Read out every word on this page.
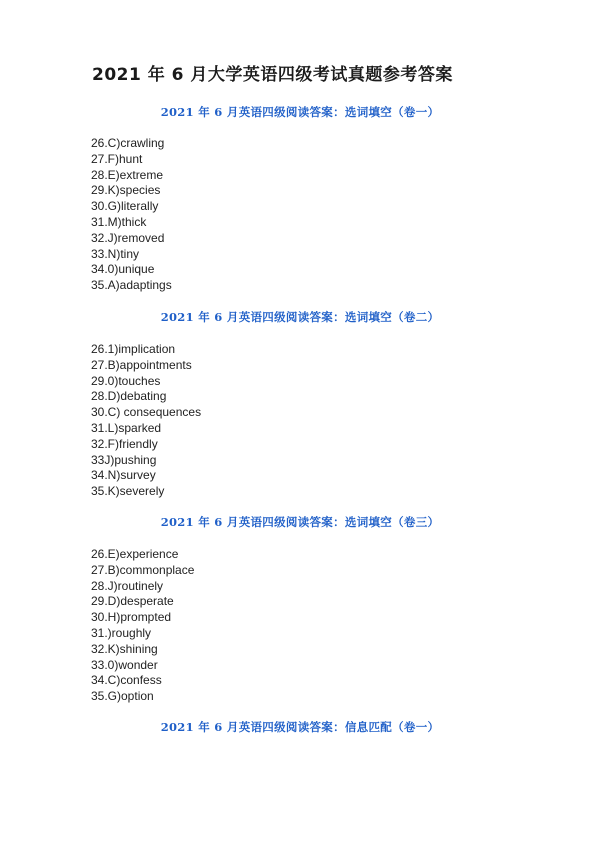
2021 年 6 月大学英语四级考试真题参考答案
2021 年 6 月英语四级阅读答案：选词填空（卷一）
26.C)crawling
27.F)hunt
28.E)extreme
29.K)species
30.G)literally
31.M)thick
32.J)removed
33.N)tiny
34.0)unique
35.A)adaptings
2021 年 6 月英语四级阅读答案：选词填空（卷二）
26.1)implication
27.B)appointments
29.0)touches
28.D)debating
30.C) consequences
31.L)sparked
32.F)friendly
33J)pushing
34.N)survey
35.K)severely
2021 年 6 月英语四级阅读答案：选词填空（卷三）
26.E)experience
27.B)commonplace
28.J)routinely
29.D)desperate
30.H)prompted
31.)roughly
32.K)shining
33.0)wonder
34.C)confess
35.G)option
2021 年 6 月英语四级阅读答案：信息匹配（卷一）
